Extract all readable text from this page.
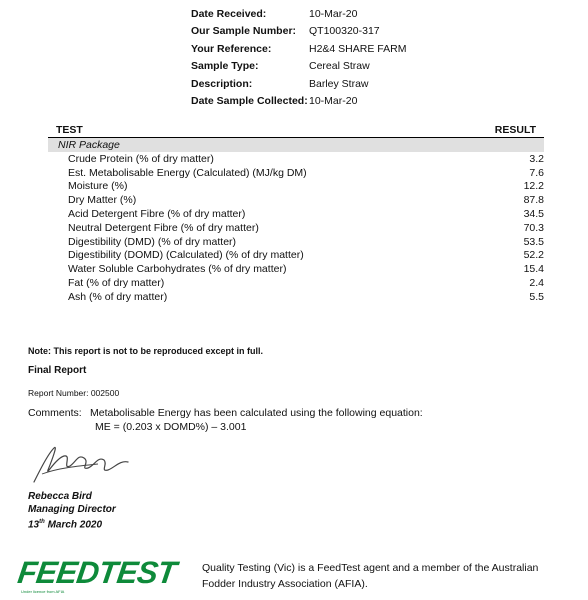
Date Received:	10-Mar-20
Our Sample Number:	QT100320-317
Your Reference:	H2&4 SHARE FARM
Sample Type:	Cereal Straw
Description:	Barley Straw
Date Sample Collected: 10-Mar-20
TEST	RESULT
NIR Package
Crude Protein (% of dry matter)	3.2
Est. Metabolisable Energy (Calculated) (MJ/kg DM)	7.6
Moisture (%)	12.2
Dry Matter (%)	87.8
Acid Detergent Fibre (% of dry matter)	34.5
Neutral Detergent Fibre (% of dry matter)	70.3
Digestibility (DMD) (% of dry matter)	53.5
Digestibility (DOMD) (Calculated) (% of dry matter)	52.2
Water Soluble Carbohydrates (% of dry matter)	15.4
Fat (% of dry matter)	2.4
Ash (% of dry matter)	5.5
Note: This report is not to be reproduced except in full.
Final Report
Report Number: 002500
Comments: Metabolisable Energy has been calculated using the following equation:
ME = (0.203 x DOMD%) – 3.001
Rebecca Bird
Managing Director
13th March 2020
FEEDTEST
Under licence from AFIA
Quality Testing (Vic) is a FeedTest agent and a member of the Australian Fodder Industry Association (AFIA).
